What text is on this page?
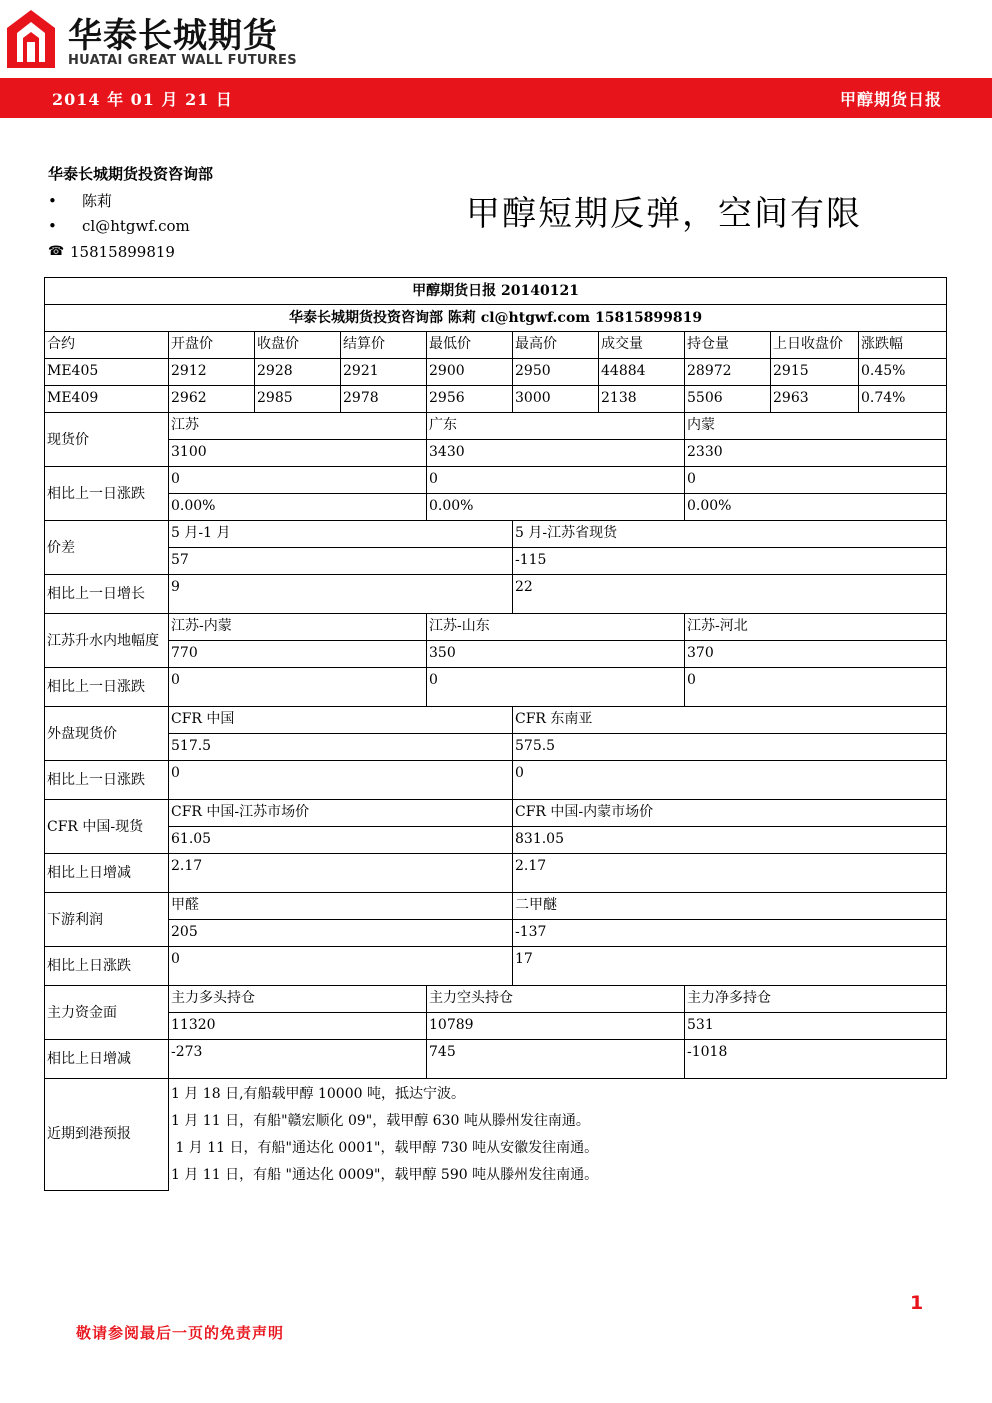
华泰长城期货
HUATAI GREAT WALL FUTURES
2014 年 01 月 21 日	甲醇期货日报
华泰长城期货投资咨询部
• 陈莉
• cl@htgwf.com
☎ 15815899819
甲醇短期反弹，空间有限
甲醇期货日报 20140121									
华泰长城期货投资咨询部 陈莉 cl@htgwf.com 15815899819									
合约	开盘价	收盘价	结算价	最低价	最高价	成交量	持仓量	上日收盘价	涨跌幅
ME405	2912	2928	2921	2900	2950	44884	28972	2915	0.45%
ME409	2962	2985	2978	2956	3000	2138	5506	2963	0.74%
现货价	江苏			广东			内蒙		
	3100			3430			2330		
相比上一日涨跌	0			0			0		
	0.00%			0.00%			0.00%		
价差	5 月-1 月				5 月-江苏省现货				
	57				-115				
相比上一日增长	9				22				
江苏升水内地幅度	江苏-内蒙			江苏-山东			江苏-河北		
	770			350			370		
相比上一日涨跌	0			0			0		
外盘现货价	CFR 中国				CFR 东南亚				
	517.5				575.5				
相比上一日涨跌	0				0				
CFR 中国-现货	CFR 中国-江苏市场价				CFR 中国-内蒙市场价				
	61.05				831.05				
相比上日增减	2.17				2.17				
下游利润	甲醛				二甲醚				
	205				-137				
相比上日涨跌	0				17				
主力资金面	主力多头持仓			主力空头持仓			主力净多持仓		
	11320			10789			531		
相比上日增减	-273			745			-1018		
近期到港预报	1 月 18 日,有船载甲醇 10000 吨，抵达宁波。
1 月 11 日，有船"赣宏顺化 09"，载甲醇 630 吨从滕州发往南通。
1 月 11 日，有船"通达化 0001"，载甲醇 730 吨从安徽发往南通。
1 月 11 日，有船 "通达化 0009"，载甲醇 590 吨从滕州发往南通。								
1
敬请参阅最后一页的免责声明
